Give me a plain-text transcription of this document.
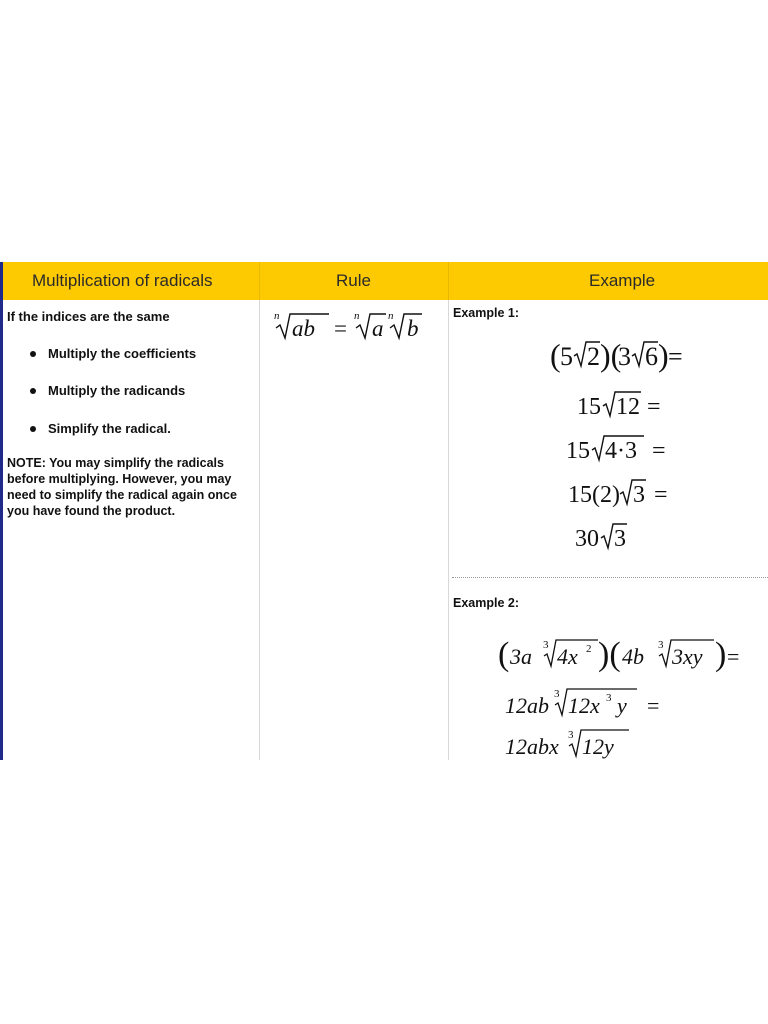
Multiplication of radicals	Rule	Example
If the indices are the same
Multiply the coefficients
Multiply the radicands
Simplify the radical.
NOTE: You may simplify the radicals before multiplying. However, you may need to simplify the radical again once you have found the product.
n ab = n a n b
Example 1:
( 5 2 )(
3 6 ) =
15 12 =
15 4·3 =
15(2) 3 =
30 3
Example 2:
( 3a 3 4x 2 )( 4b 3 3xy ) =
12ab 3 12x 3 y =
12abx 3 12y
